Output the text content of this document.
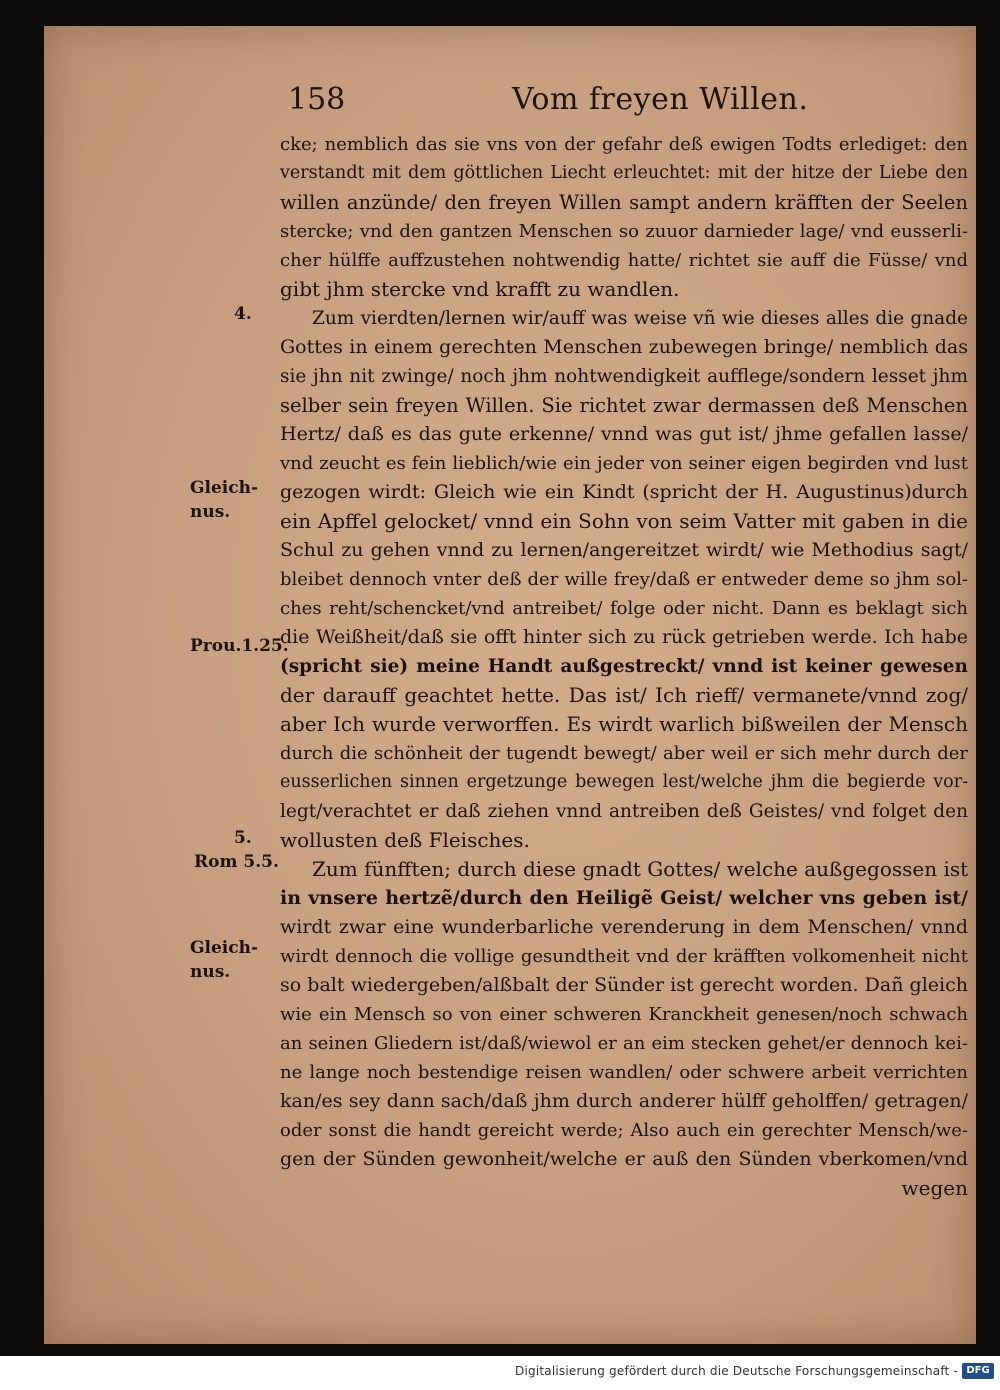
158	Vom freyen Willen.
4.
Gleich-
nus.
Prou.1.25.
5.
Rom 5.5.
Gleich-
nus.
cke; nemblich das sie vns von der gefahr deß ewigen Todts erlediget: den
verstandt mit dem göttlichen Liecht erleuchtet: mit der hitze der Liebe den
willen anzünde/ den freyen Willen sampt andern kräfften der Seelen
stercke; vnd den gantzen Menschen so zuuor darnieder lage/ vnd eusserli-
cher hülffe auffzustehen nohtwendig hatte/ richtet sie auff die Füsse/ vnd
gibt jhm stercke vnd krafft zu wandlen.
Zum vierdten/lernen wir/auff was weise vñ wie dieses alles die gnade
Gottes in einem gerechten Menschen zubewegen bringe/ nemblich das
sie jhn nit zwinge/ noch jhm nohtwendigkeit aufflege/sondern lesset jhm
selber sein freyen Willen. Sie richtet zwar dermassen deß Menschen
Hertz/ daß es das gute erkenne/ vnnd was gut ist/ jhme gefallen lasse/
vnd zeucht es fein lieblich/wie ein jeder von seiner eigen begirden vnd lust
gezogen wirdt: Gleich wie ein Kindt (spricht der H. Augustinus)durch
ein Apffel gelocket/ vnnd ein Sohn von seim Vatter mit gaben in die
Schul zu gehen vnnd zu lernen/angereitzet wirdt/ wie Methodius sagt/
bleibet dennoch vnter deß der wille frey/daß er entweder deme so jhm sol-
ches reht/schencket/vnd antreibet/ folge oder nicht. Dann es beklagt sich
die Weißheit/daß sie offt hinter sich zu rück getrieben werde. Ich habe
(spricht sie) meine Handt außgestreckt/ vnnd ist keiner gewesen
der darauff geachtet hette. Das ist/ Ich rieff/ vermanete/vnnd zog/
aber Ich wurde verworffen. Es wirdt warlich bißweilen der Mensch
durch die schönheit der tugendt bewegt/ aber weil er sich mehr durch der
eusserlichen sinnen ergetzunge bewegen lest/welche jhm die begierde vor-
legt/verachtet er daß ziehen vnnd antreiben deß Geistes/ vnd folget den
wollusten deß Fleisches.
Zum fünfften; durch diese gnadt Gottes/ welche außgegossen ist
in vnsere hertzẽ/durch den Heiligẽ Geist/ welcher vns geben ist/
wirdt zwar eine wunderbarliche verenderung in dem Menschen/ vnnd
wirdt dennoch die vollige gesundtheit vnd der kräfften volkomenheit nicht
so balt wiedergeben/alßbalt der Sünder ist gerecht worden. Dañ gleich
wie ein Mensch so von einer schweren Kranckheit genesen/noch schwach
an seinen Gliedern ist/daß/wiewol er an eim stecken gehet/er dennoch kei-
ne lange noch bestendige reisen wandlen/ oder schwere arbeit verrichten
kan/es sey dann sach/daß jhm durch anderer hülff geholffen/ getragen/
oder sonst die handt gereicht werde; Also auch ein gerechter Mensch/we-
gen der Sünden gewonheit/welche er auß den Sünden vberkomen/vnd
wegen
Digitalisierung gefördert durch die Deutsche Forschungsgemeinschaft - DFG
